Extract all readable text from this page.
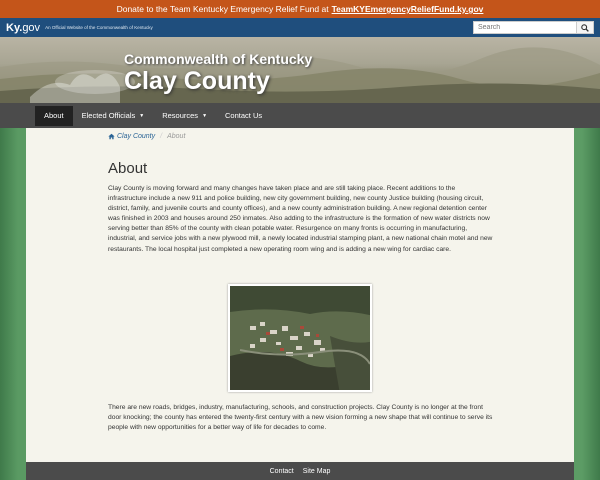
Donate to the Team Kentucky Emergency Relief Fund at TeamKYEmergencyReliefFund.ky.gov
Ky.gov An Official Website of the Commonwealth of Kentucky
Search
Commonwealth of Kentucky
Clay County
About Elected Officials ▼ Resources ▼ Contact Us
Clay County / About
About

Clay County is moving forward and many changes have taken place and are still taking place. Recent additions to the infrastructure include a new 911 and police building, new city government building, new county Justice building (housing circuit, district, family, and juvenile courts and county offices), and a new county administration building. A new regional detention center was finished in 2003 and houses around 250 inmates. Also adding to the infrastructure is the formation of new water districts now serving better than 85% of the county with clean potable water. Resurgence on many fronts is occurring in manufacturing, industrial, and service jobs with a new plywood mill, a newly located industrial stamping plant, a new national chain motel and new restaurants. The local hospital just completed a new operating room wing and is adding a new wing for cardiac care.

There are new roads, bridges, industry, manufacturing, schools, and construction projects. Clay County is no longer at the front door knocking; the county has entered the twenty-first century with a new vision forming a new shape that will continue to serve its people with new opportunities for a better way of life for decades to come.

Contact Site Map
